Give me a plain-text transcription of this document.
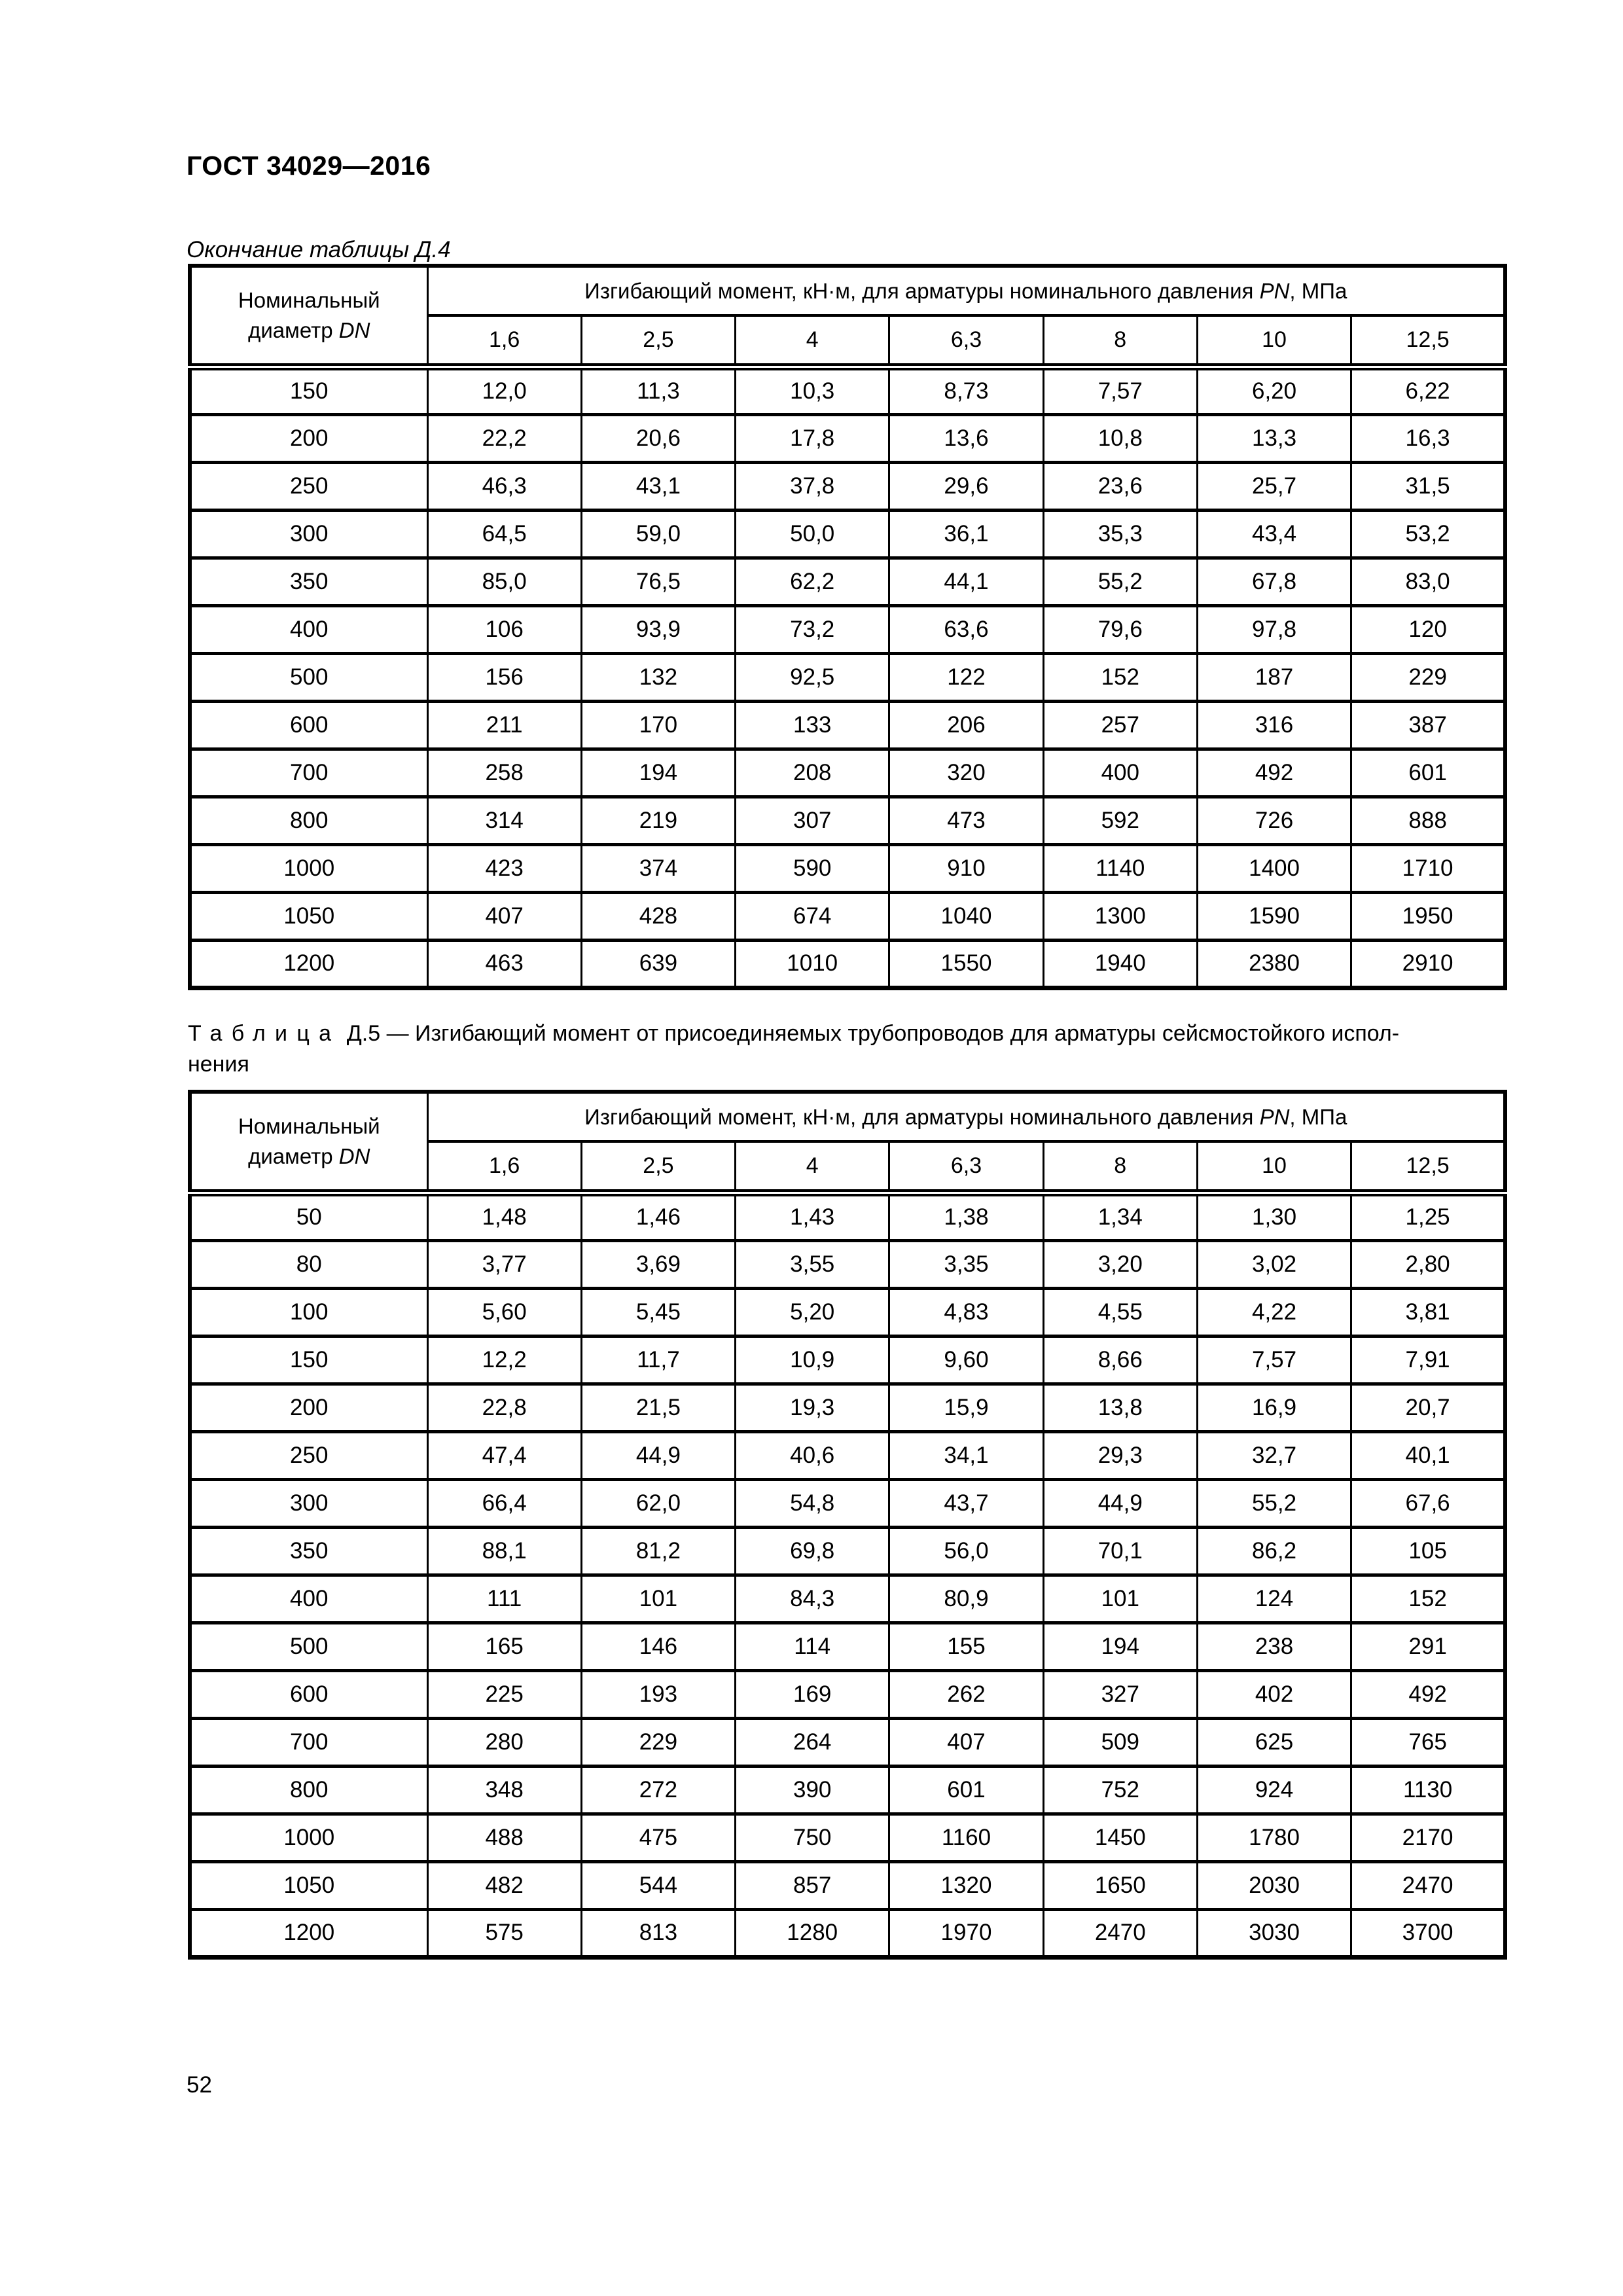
ГОСТ 34029—2016
Окончание таблицы Д.4
Номинальный
диаметр DN	Изгибающий момент, кН·м, для арматуры номинального давления PN, МПа						
	1,6	2,5	4	6,3	8	10	12,5
150	12,0	11,3	10,3	8,73	7,57	6,20	6,22
200	22,2	20,6	17,8	13,6	10,8	13,3	16,3
250	46,3	43,1	37,8	29,6	23,6	25,7	31,5
300	64,5	59,0	50,0	36,1	35,3	43,4	53,2
350	85,0	76,5	62,2	44,1	55,2	67,8	83,0
400	106	93,9	73,2	63,6	79,6	97,8	120
500	156	132	92,5	122	152	187	229
600	211	170	133	206	257	316	387
700	258	194	208	320	400	492	601
800	314	219	307	473	592	726	888
1000	423	374	590	910	1140	1400	1710
1050	407	428	674	1040	1300	1590	1950
1200	463	639	1010	1550	1940	2380	2910
Таблица Д.5 — Изгибающий момент от присоединяемых трубопроводов для арматуры сейсмостойкого испол-
нения
Номинальный
диаметр DN	Изгибающий момент, кН·м, для арматуры номинального давления PN, МПа						
	1,6	2,5	4	6,3	8	10	12,5
50	1,48	1,46	1,43	1,38	1,34	1,30	1,25
80	3,77	3,69	3,55	3,35	3,20	3,02	2,80
100	5,60	5,45	5,20	4,83	4,55	4,22	3,81
150	12,2	11,7	10,9	9,60	8,66	7,57	7,91
200	22,8	21,5	19,3	15,9	13,8	16,9	20,7
250	47,4	44,9	40,6	34,1	29,3	32,7	40,1
300	66,4	62,0	54,8	43,7	44,9	55,2	67,6
350	88,1	81,2	69,8	56,0	70,1	86,2	105
400	111	101	84,3	80,9	101	124	152
500	165	146	114	155	194	238	291
600	225	193	169	262	327	402	492
700	280	229	264	407	509	625	765
800	348	272	390	601	752	924	1130
1000	488	475	750	1160	1450	1780	2170
1050	482	544	857	1320	1650	2030	2470
1200	575	813	1280	1970	2470	3030	3700
52
